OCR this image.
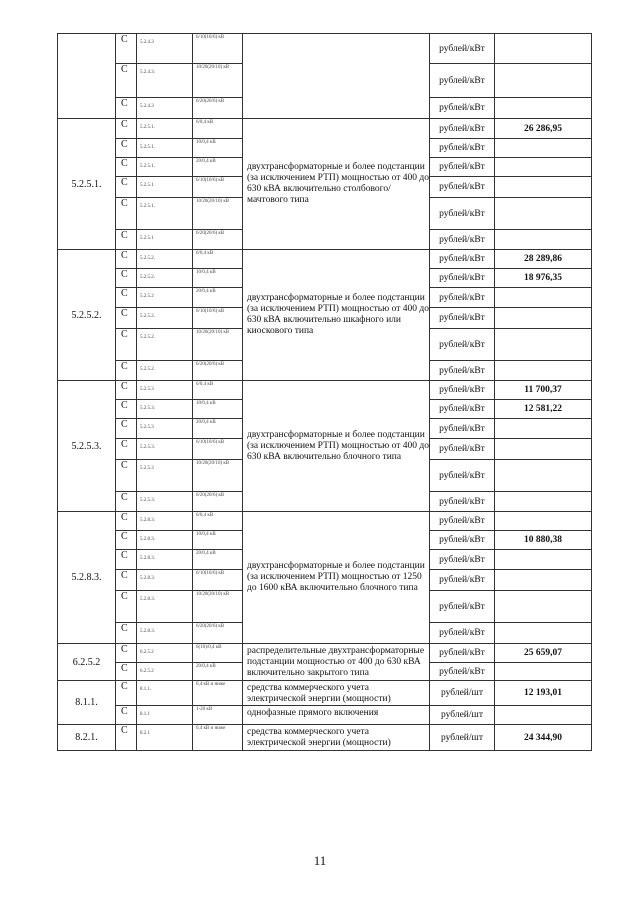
	C	5.2.4.3	6/10(10/6) кВ		рублей/кВт	
	C	5.2.4.3.	10/20(20/10) кВ		рублей/кВт	
	C	5.2.4.3	6/20(20/6) кВ		рублей/кВт	
5.2.5.1.	C	5.2.5.1.	6/0,4 кВ	двухтрансформаторные и более подстанции (за исключением РТП) мощностью от 400 до 630 кВА включительно столбового/мачтового типа	рублей/кВт	26 286,95
	C	5.2.5.1.	10/0,4 кВ		рублей/кВт	
	C	5.2.5.1.	20/0,4 кВ		рублей/кВт	
	C	5.2.5.1	6/10(10/6) кВ		рублей/кВт	
	C	5.2.5.1.	10/20(20/10) кВ		рублей/кВт	
	C	5.2.5.1	6/20(20/6) кВ		рублей/кВт	
5.2.5.2.	C	5.2.5.2.	6/0,4 кВ	двухтрансформаторные и более подстанции (за исключением РТП) мощностью от 400 до 630 кВА включительно шкафного или киоскового типа	рублей/кВт	28 289,86
	C	5.2.5.2.	10/0,4 кВ		рублей/кВт	18 976,35
	C	5.2.5.2	20/0,4 кВ		рублей/кВт	
	C	5.2.5.2.	6/10(10/6) кВ		рублей/кВт	
	C	5.2.5.2.	10/20(20/10) кВ		рублей/кВт	
	C	5.2.5.2.	6/20(20/6) кВ		рублей/кВт	
5.2.5.3.	C	5.2.5.3	6/0,4 кВ	двухтрансформаторные и более подстанции (за исключением РТП) мощностью от 400 до 630 кВА включительно блочного типа	рублей/кВт	11 700,37
	C	5.2.5.3.	10/0,4 кВ		рублей/кВт	12 581,22
	C	5.2.5.3	20/0,4 кВ		рублей/кВт	
	C	5.2.5.3.	6/10(10/6) кВ		рублей/кВт	
	C	5.2.5.3	10/20(20/10) кВ		рублей/кВт	
	C	5.2.5.3.	6/20(20/6) кВ		рублей/кВт	
5.2.8.3.	C	5.2.8.3.	6/0,4 кВ	двухтрансформаторные и более подстанции (за исключением РТП) мощностью от 1250 до 1600 кВА включительно блочного типа	рублей/кВт	
	C	5.2.8.3.	10/0,4 кВ		рублей/кВт	10 880,38
	C	5.2.8.3.	20/0,4 кВ		рублей/кВт	
	C	5.2.8.3.	6/10(10/6) кВ		рублей/кВт	
	C	5.2.8.3.	10/20(20/10) кВ		рублей/кВт	
	C	5.2.8.3.	6/20(20/6) кВ		рублей/кВт	
6.2.5.2	C	6.2.5.2	6(10)/0,4 кВ	распределительные двухтрансформаторные подстанции мощностью от 400 до 630 кВА включительно закрытого типа	рублей/кВт	25 659,07
	C	6.2.5.2	20/0,4 кВ		рублей/кВт	
8.1.1.	C	8.1.1.	0,4 кВ и ниже	средства коммерческого учета электрической энергии (мощности)	рублей/шт	12 193,01
	C	8.1.1	1-20 кВ	однофазные прямого включения	рублей/шт	
8.2.1.	C	8.2.1	0,4 кВ и ниже	средства коммерческого учета электрической энергии (мощности)	рублей/шт	24 344,90
11
